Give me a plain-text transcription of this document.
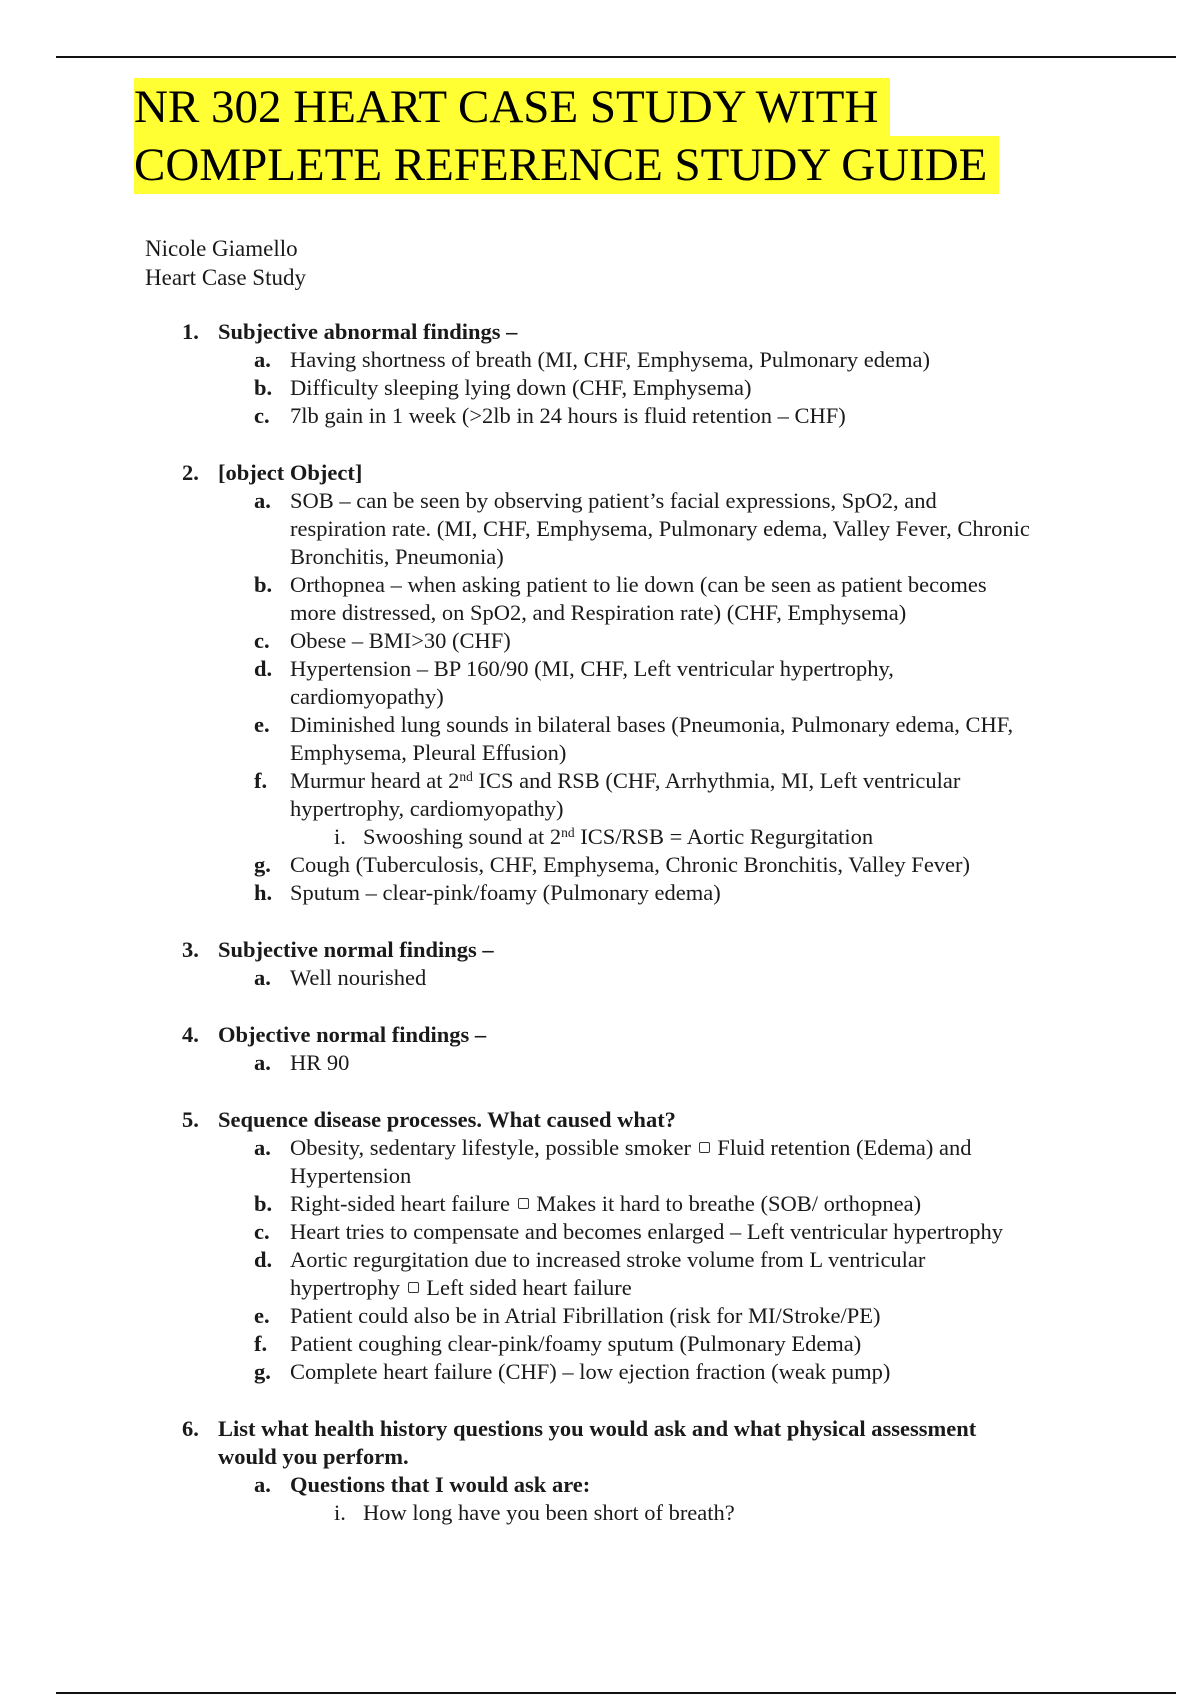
NR 302 HEART CASE STUDY WITH
COMPLETE REFERENCE STUDY GUIDE
Nicole Giamello
Heart Case Study
1. Subjective abnormal findings –
a. Having shortness of breath (MI, CHF, Emphysema, Pulmonary edema)
b. Difficulty sleeping lying down (CHF, Emphysema)
c. 7lb gain in 1 week (>2lb in 24 hours is fluid retention – CHF)
2. [object Object]
a. SOB – can be seen by observing patient’s facial expressions, SpO2, and
respiration rate. (MI, CHF, Emphysema, Pulmonary edema, Valley Fever, Chronic
Bronchitis, Pneumonia)
b. Orthopnea – when asking patient to lie down (can be seen as patient becomes
more distressed, on SpO2, and Respiration rate) (CHF, Emphysema)
c. Obese – BMI>30 (CHF)
d. Hypertension – BP 160/90 (MI, CHF, Left ventricular hypertrophy,
cardiomyopathy)
e. Diminished lung sounds in bilateral bases (Pneumonia, Pulmonary edema, CHF,
Emphysema, Pleural Effusion)
f. Murmur heard at 2nd ICS and RSB (CHF, Arrhythmia, MI, Left ventricular
hypertrophy, cardiomyopathy)
i. Swooshing sound at 2nd ICS/RSB = Aortic Regurgitation
g. Cough (Tuberculosis, CHF, Emphysema, Chronic Bronchitis, Valley Fever)
h. Sputum – clear-pink/foamy (Pulmonary edema)
3. Subjective normal findings –
a. Well nourished
4. Objective normal findings –
a. HR 90
5. Sequence disease processes. What caused what?
a. Obesity, sedentary lifestyle, possible smoker Fluid retention (Edema) and
Hypertension
b. Right-sided heart failure Makes it hard to breathe (SOB/ orthopnea)
c. Heart tries to compensate and becomes enlarged – Left ventricular hypertrophy
d. Aortic regurgitation due to increased stroke volume from L ventricular
hypertrophy Left sided heart failure
e. Patient could also be in Atrial Fibrillation (risk for MI/Stroke/PE)
f. Patient coughing clear-pink/foamy sputum (Pulmonary Edema)
g. Complete heart failure (CHF) – low ejection fraction (weak pump)
6. List what health history questions you would ask and what physical assessment
would you perform.
a. Questions that I would ask are:
i. How long have you been short of breath?
